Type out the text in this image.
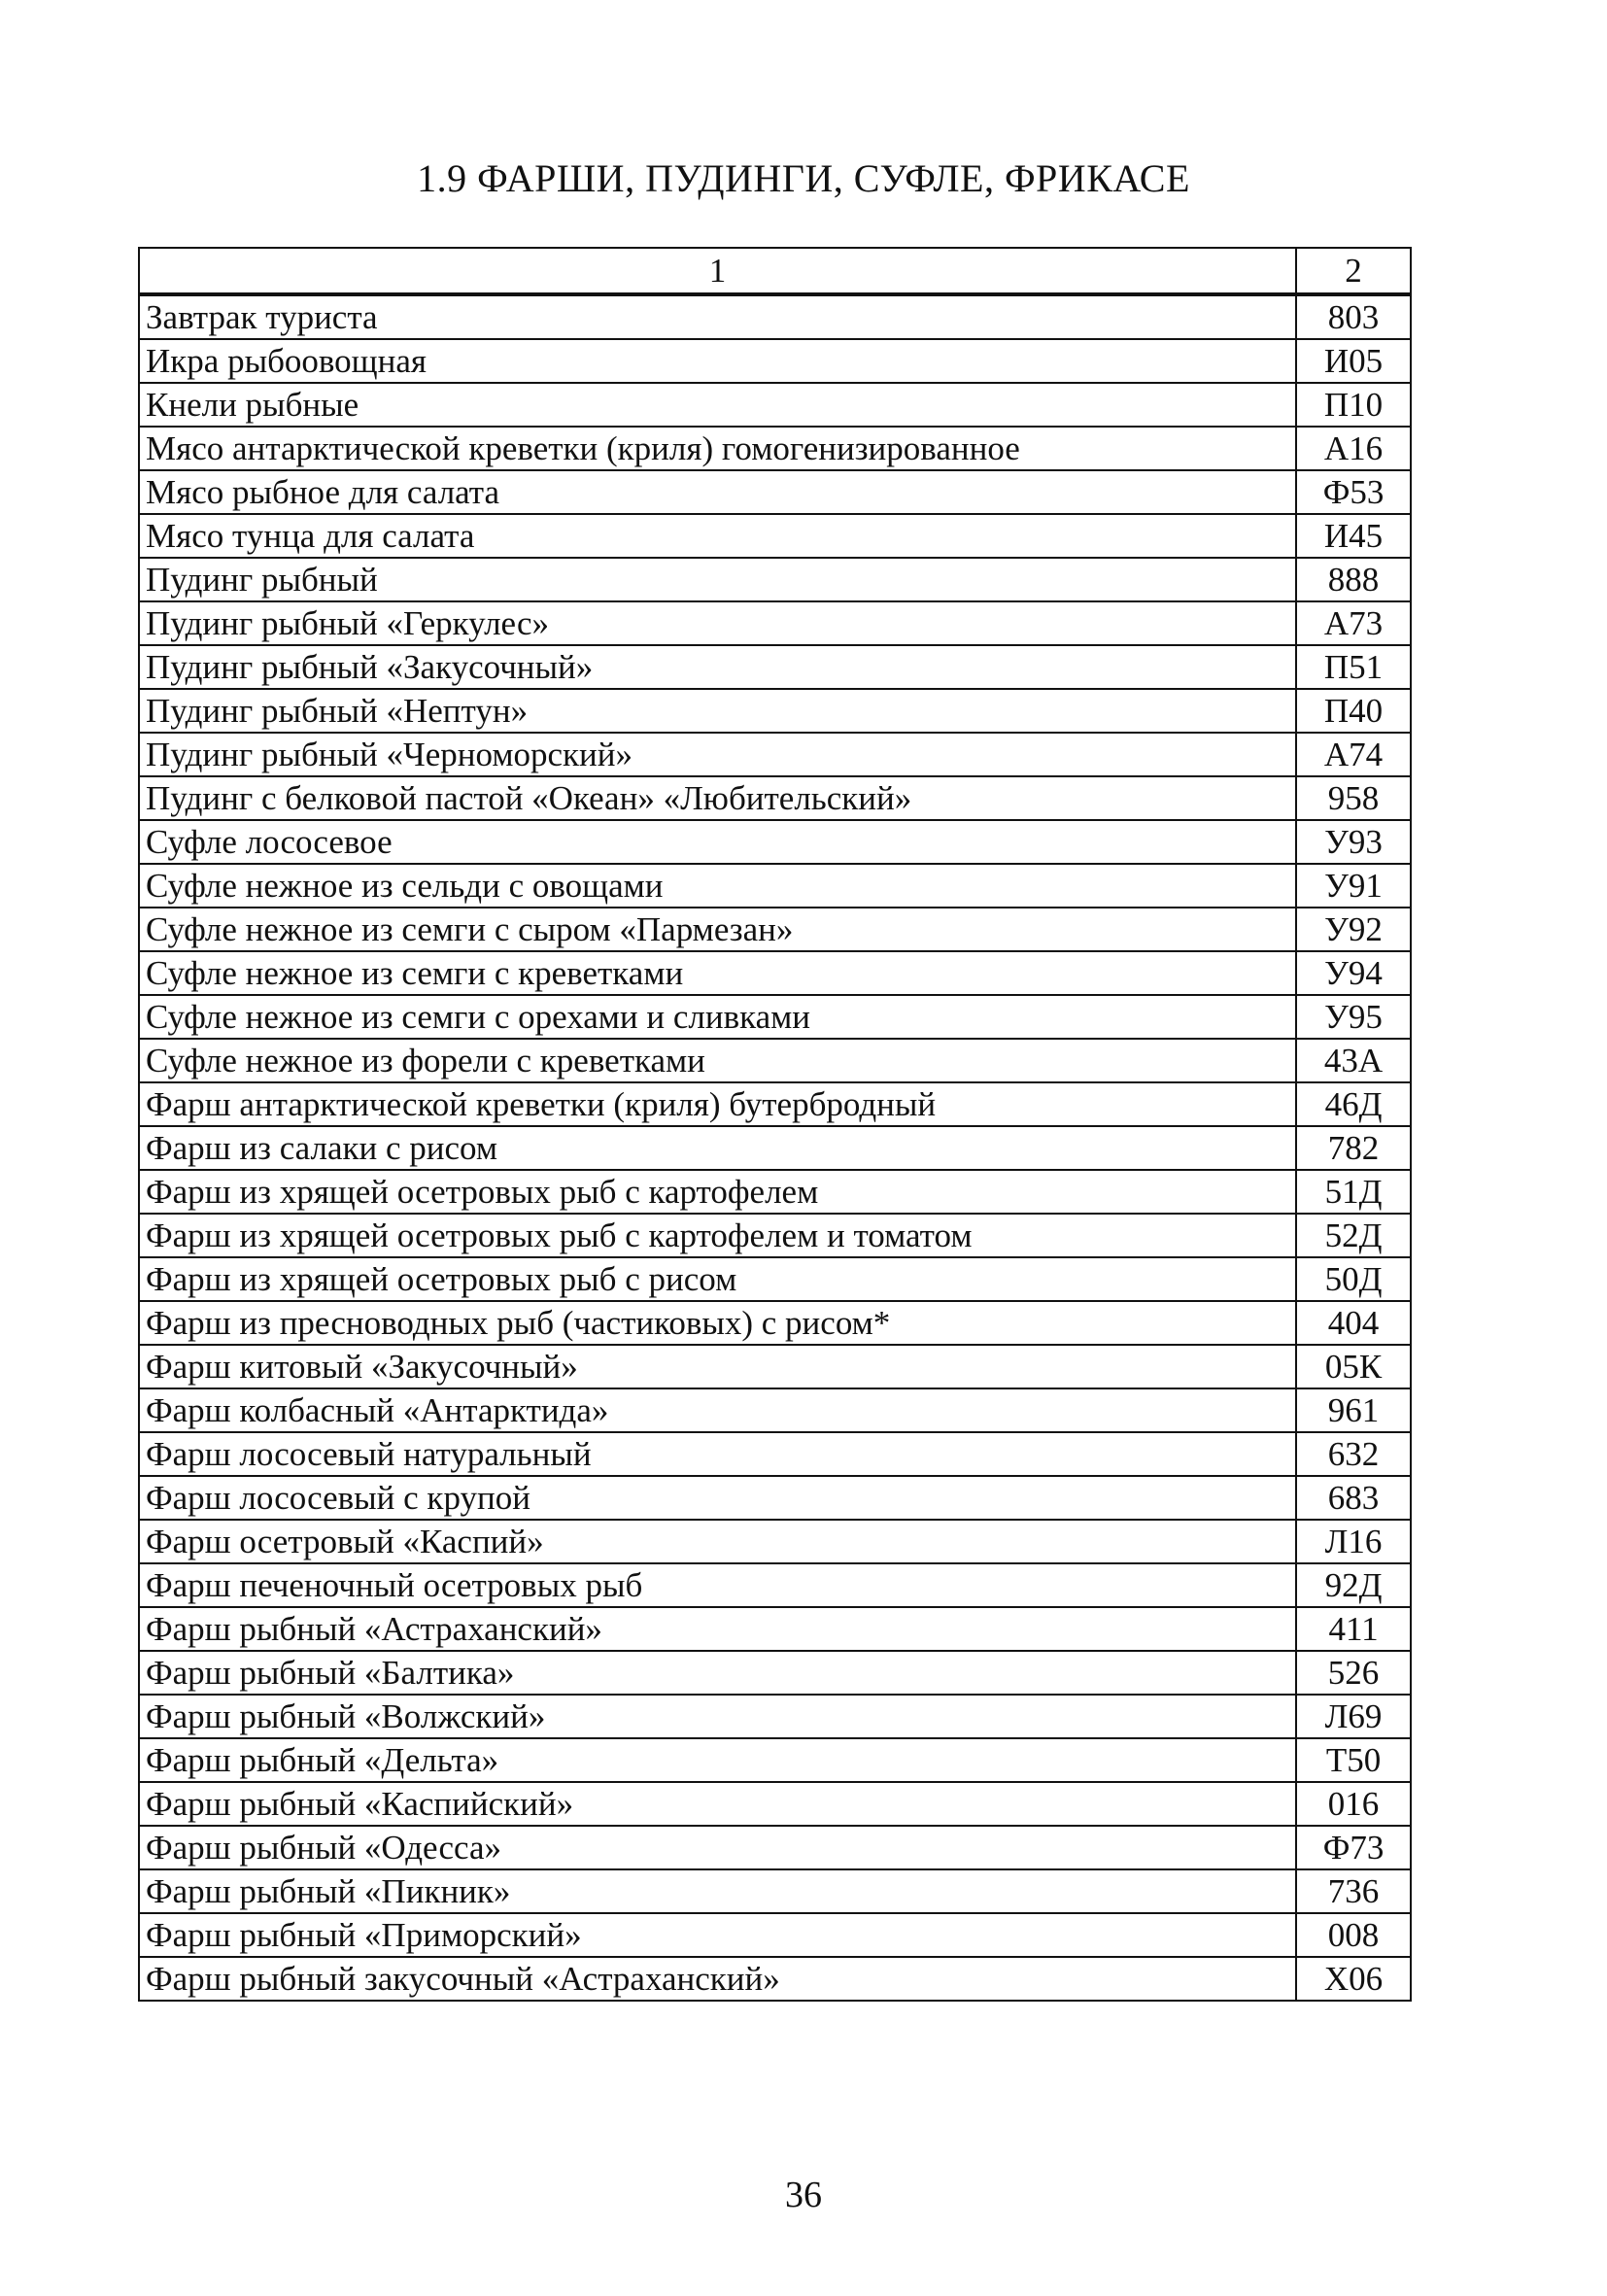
1.9 ФАРШИ, ПУДИНГИ, СУФЛЕ, ФРИКАСЕ
1	2
Завтрак туриста	803
Икра рыбоовощная	И05
Кнели рыбные	П10
Мясо антарктической креветки (криля) гомогенизированное	А16
Мясо рыбное для салата	Ф53
Мясо тунца для салата	И45
Пудинг рыбный	888
Пудинг рыбный «Геркулес»	А73
Пудинг рыбный «Закусочный»	П51
Пудинг рыбный «Нептун»	П40
Пудинг рыбный «Черноморский»	А74
Пудинг с белковой пастой «Океан» «Любительский»	958
Суфле лососевое	У93
Суфле нежное из сельди с овощами	У91
Суфле нежное из семги с сыром «Пармезан»	У92
Суфле нежное из семги с креветками	У94
Суфле нежное из семги с орехами и сливками	У95
Суфле нежное из форели с креветками	43А
Фарш антарктической креветки (криля) бутербродный	46Д
Фарш из салаки с рисом	782
Фарш из хрящей осетровых рыб с картофелем	51Д
Фарш из хрящей осетровых рыб с картофелем и томатом	52Д
Фарш из хрящей осетровых рыб с рисом	50Д
Фарш из пресноводных рыб (частиковых) с рисом*	404
Фарш китовый «Закусочный»	05К
Фарш колбасный «Антарктида»	961
Фарш лососевый натуральный	632
Фарш лососевый с крупой	683
Фарш осетровый «Каспий»	Л16
Фарш печеночный осетровых рыб	92Д
Фарш рыбный «Астраханский»	411
Фарш рыбный «Балтика»	526
Фарш рыбный «Волжский»	Л69
Фарш рыбный «Дельта»	Т50
Фарш рыбный «Каспийский»	016
Фарш рыбный «Одесса»	Ф73
Фарш рыбный «Пикник»	736
Фарш рыбный «Приморский»	008
Фарш рыбный закусочный «Астраханский»	Х06
36
